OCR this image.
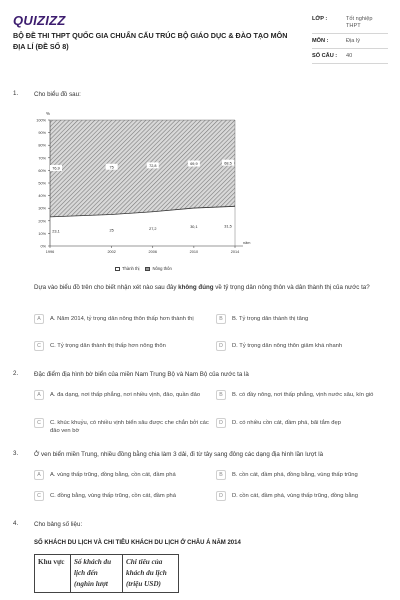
QUIZIZZ
BỘ ĐỀ THI THPT QUỐC GIA CHUẨN CẤU TRÚC BỘ GIÁO DỤC & ĐÀO TẠO MÔN ĐỊA LÍ (ĐỀ SỐ 8)
LỚP :	Tốt nghiệp THPT
MÔN :	Địa lý
SỐ CÂU :	40
1.	Cho biểu đồ sau:
%
0%
10%
20%
30%
40%
50%
60%
70%
80%
90%
100%
1996	2002	2006	2010	2014
năm
76,9
23,1
75
25
72,8
27,2
69,9
30,1
68,5
31,5
Thành thị	Nông thôn
Dựa vào biểu đồ trên cho biết nhận xét nào sau đây không đúng về tỷ trọng dân nông thôn và dân thành thị của nước ta?
A	A. Năm 2014, tỷ trọng dân nông thôn thấp hơn thành thị	B	B. Tỷ trọng dân thành thị tăng
C	C. Tỷ trọng dân thành thị thấp hơn nông thôn	D	D. Tỷ trọng dân nông thôn giảm khá nhanh
2.	Đặc điểm địa hình bờ biển của miền Nam Trung Bộ và Nam Bộ của nước ta là
A	A. đa dạng, nơi thấp phẳng, nơi nhiều vịnh, đảo, quần đảo	B	B. có đầy nông, nơi thấp phẳng, vịnh nước sâu, kín gió
C	C. khúc khuỷu, có nhiều vịnh biển sâu được che chắn bởi các đảo ven bờ
D	D. có nhiều cồn cát, đầm phá, bãi tắm đẹp
3.	Ở ven biển miền Trung, nhiều đồng bằng chia làm 3 dải, đi từ tây sang đông các dạng địa hình lần lượt là
A	A. vùng thấp trũng, đồng bằng, cồn cát, đầm phá	B	B. cồn cát, đầm phá, đồng bằng, vùng thấp trũng
C	C. đồng bằng, vùng thấp trũng, cồn cát, đầm phá	D	D. cồn cát, đầm phá, vùng thấp trũng, đồng bằng
4.	Cho bảng số liệu:
SỐ KHÁCH DU LỊCH VÀ CHI TIÊU KHÁCH DU LỊCH Ở CHÂU Á NĂM 2014
Khu vực	Số khách du lịch đến (nghìn lượt	Chi tiêu của khách du lịch (triệu USD)
